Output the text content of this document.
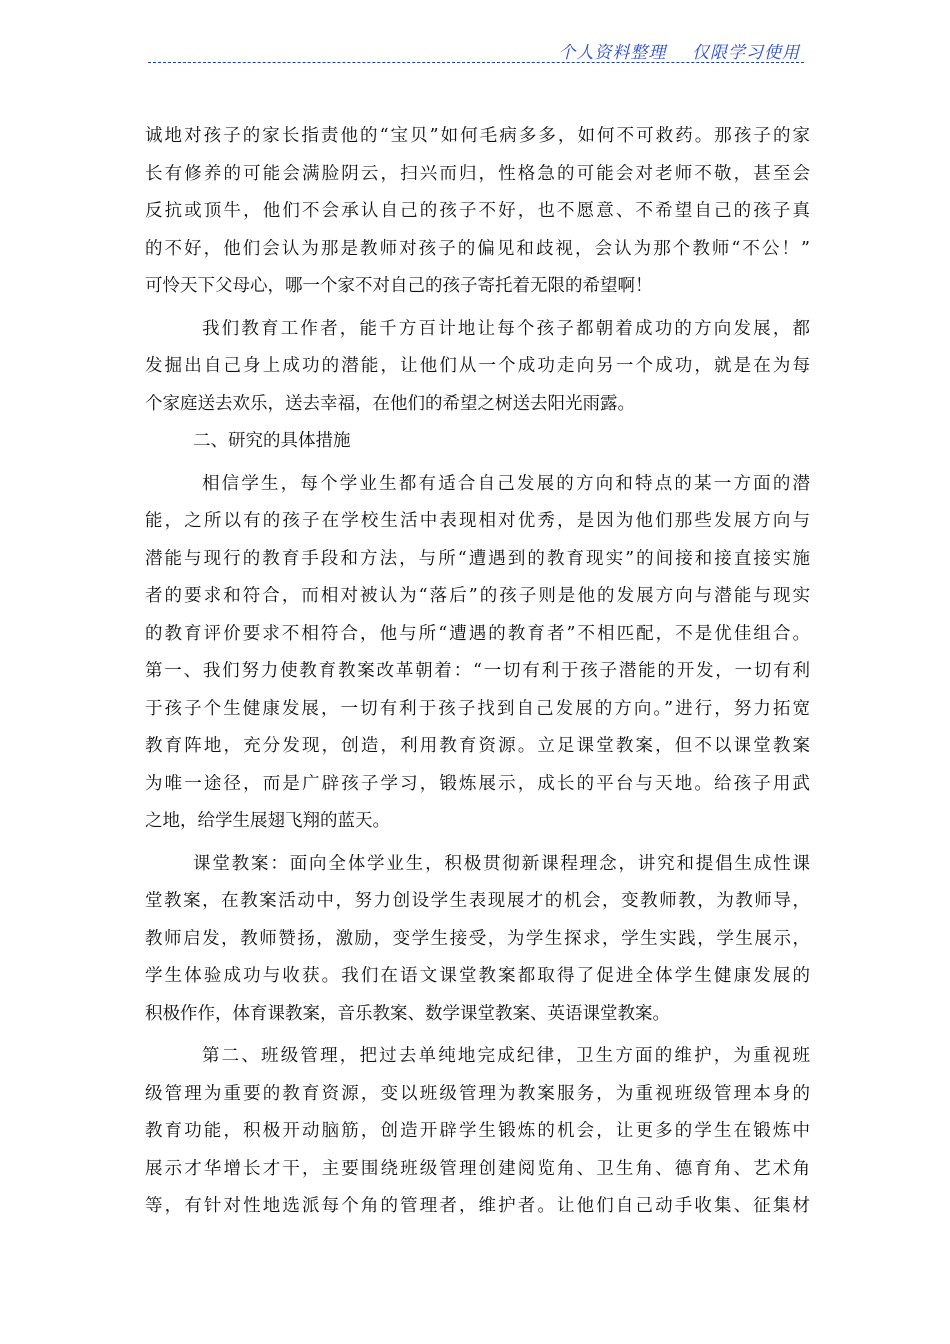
个人资料整理    仅限学习使用
诚地对孩子的家长指责他的“宝贝”如何毛病多多，如何不可救药。那孩子的家
长有修养的可能会满脸阴云，扫兴而归，性格急的可能会对老师不敬，甚至会
反抗或顶牛，他们不会承认自己的孩子不好，也不愿意、不希望自己的孩子真
的不好，他们会认为那是教师对孩子的偏见和歧视，会认为那个教师“不公！”
可怜天下父母心，哪一个家不对自己的孩子寄托着无限的希望啊！
我们教育工作者，能千方百计地让每个孩子都朝着成功的方向发展，都
发掘出自己身上成功的潜能，让他们从一个成功走向另一个成功，就是在为每
个家庭送去欢乐，送去幸福，在他们的希望之树送去阳光雨露。
二、研究的具体措施
相信学生，每个学业生都有适合自己发展的方向和特点的某一方面的潜
能，之所以有的孩子在学校生活中表现相对优秀，是因为他们那些发展方向与
潜能与现行的教育手段和方法，与所“遭遇到的教育现实”的间接和接直接实施
者的要求和符合，而相对被认为“落后”的孩子则是他的发展方向与潜能与现实
的教育评价要求不相符合，他与所“遭遇的教育者”不相匹配，不是优佳组合。
第一、我们努力使教育教案改革朝着：“一切有利于孩子潜能的开发，一切有利
于孩子个生健康发展，一切有利于孩子找到自己发展的方向。”进行，努力拓宽
教育阵地，充分发现，创造，利用教育资源。立足课堂教案，但不以课堂教案
为唯一途径，而是广辟孩子学习，锻炼展示，成长的平台与天地。给孩子用武
之地，给学生展翅飞翔的蓝天。
课堂教案：面向全体学业生，积极贯彻新课程理念，讲究和提倡生成性课
堂教案，在教案活动中，努力创设学生表现展才的机会，变教师教，为教师导，
教师启发，教师赞扬，激励，变学生接受，为学生探求，学生实践，学生展示，
学生体验成功与收获。我们在语文课堂教案都取得了促进全体学生健康发展的
积极作作，体育课教案，音乐教案、数学课堂教案、英语课堂教案。
第二、班级管理，把过去单纯地完成纪律，卫生方面的维护，为重视班
级管理为重要的教育资源，变以班级管理为教案服务，为重视班级管理本身的
教育功能，积极开动脑筋，创造开辟学生锻炼的机会，让更多的学生在锻炼中
展示才华增长才干，主要围绕班级管理创建阅览角、卫生角、德育角、艺术角
等，有针对性地选派每个角的管理者，维护者。让他们自己动手收集、征集材
